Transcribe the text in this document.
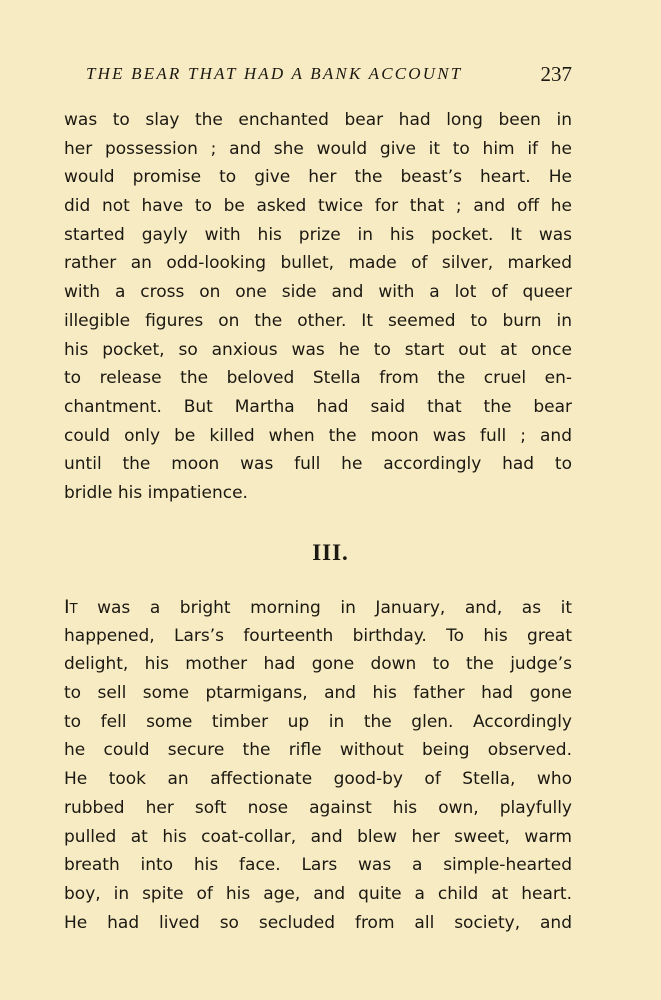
THE BEAR THAT HAD A BANK ACCOUNT	237
was to slay the enchanted bear had long been in
her possession ; and she would give it to him if he
would promise to give her the beast’s heart. He
did not have to be asked twice for that ; and off he
started gayly with his prize in his pocket. It was
rather an odd-looking bullet, made of silver, marked
with a cross on one side and with a lot of queer
illegible figures on the other. It seemed to burn in
his pocket, so anxious was he to start out at once
to release the beloved Stella from the cruel en-
chantment. But Martha had said that the bear
could only be killed when the moon was full ; and
until the moon was full he accordingly had to
bridle his impatience.
III.
It was a bright morning in January, and, as it
happened, Lars’s fourteenth birthday. To his great
delight, his mother had gone down to the judge’s
to sell some ptarmigans, and his father had gone
to fell some timber up in the glen. Accordingly
he could secure the rifle without being observed.
He took an affectionate good-by of Stella, who
rubbed her soft nose against his own, playfully
pulled at his coat-collar, and blew her sweet, warm
breath into his face. Lars was a simple-hearted
boy, in spite of his age, and quite a child at heart.
He had lived so secluded from all society, and
